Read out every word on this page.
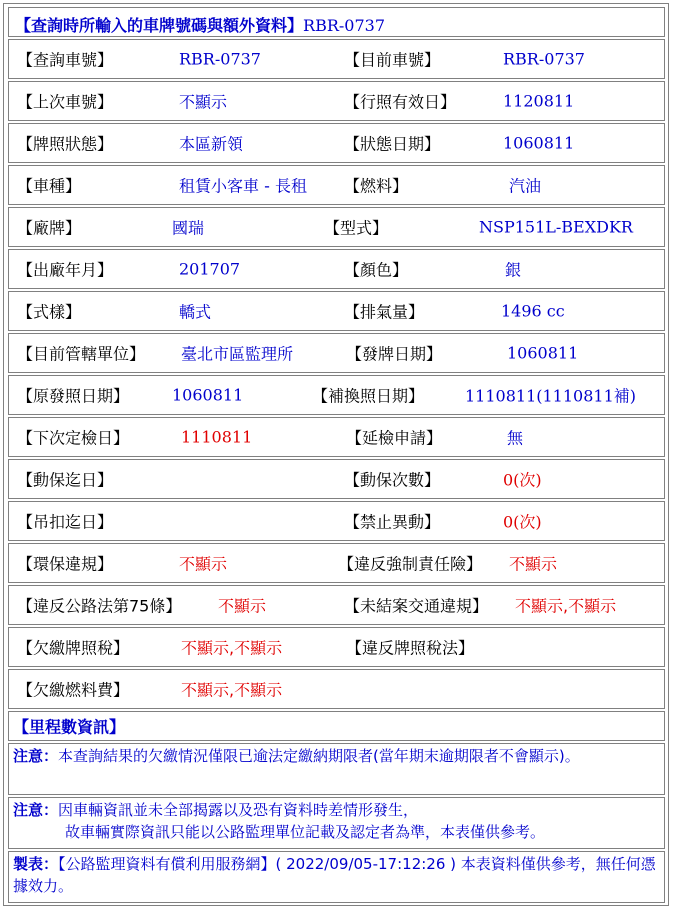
【查詢時所輸入的車牌號碼與額外資料】RBR-0737
【查詢車號】	RBR-0737	【目前車號】	RBR-0737
【上次車號】	不顯示	【行照有效日】	1120811
【牌照狀態】	本區新領	【狀態日期】	1060811
【車種】	租賃小客車 - 長租 【燃料】	汽油
【廠牌】	國瑞	【型式】	NSP151L-BEXDKR
【出廠年月】	201707	【顏色】	銀
【式樣】	轎式	【排氣量】	1496 cc
【目前管轄單位】 臺北市區監理所	【發牌日期】	1060811
【原發照日期】	1060811	【補換照日期】	1110811(1110811補)
【下次定檢日】	1110811	【延檢申請】	無
【動保迄日】	【動保次數】	0(次)
【吊扣迄日】	【禁止異動】	0(次)
【環保違規】	不顯示	【違反強制責任險】 不顯示
【違反公路法第75條】 不顯示	【未結案交通違規】 不顯示,不顯示
【欠繳牌照稅】	不顯示,不顯示	【違反牌照稅法】
【欠繳燃料費】	不顯示,不顯示
【里程數資訊】
注意：本查詢結果的欠繳情況僅限已逾法定繳納期限者(當年期末逾期限者不會顯示)。
注意：因車輛資訊並未全部揭露以及恐有資料時差情形發生，
故車輛實際資訊只能以公路監理單位記載及認定者為準，本表僅供參考。
製表：【公路監理資料有償利用服務網】( 2022/09/05-17:12:26 ) 本表資料僅供參考，無任何憑據效力。
